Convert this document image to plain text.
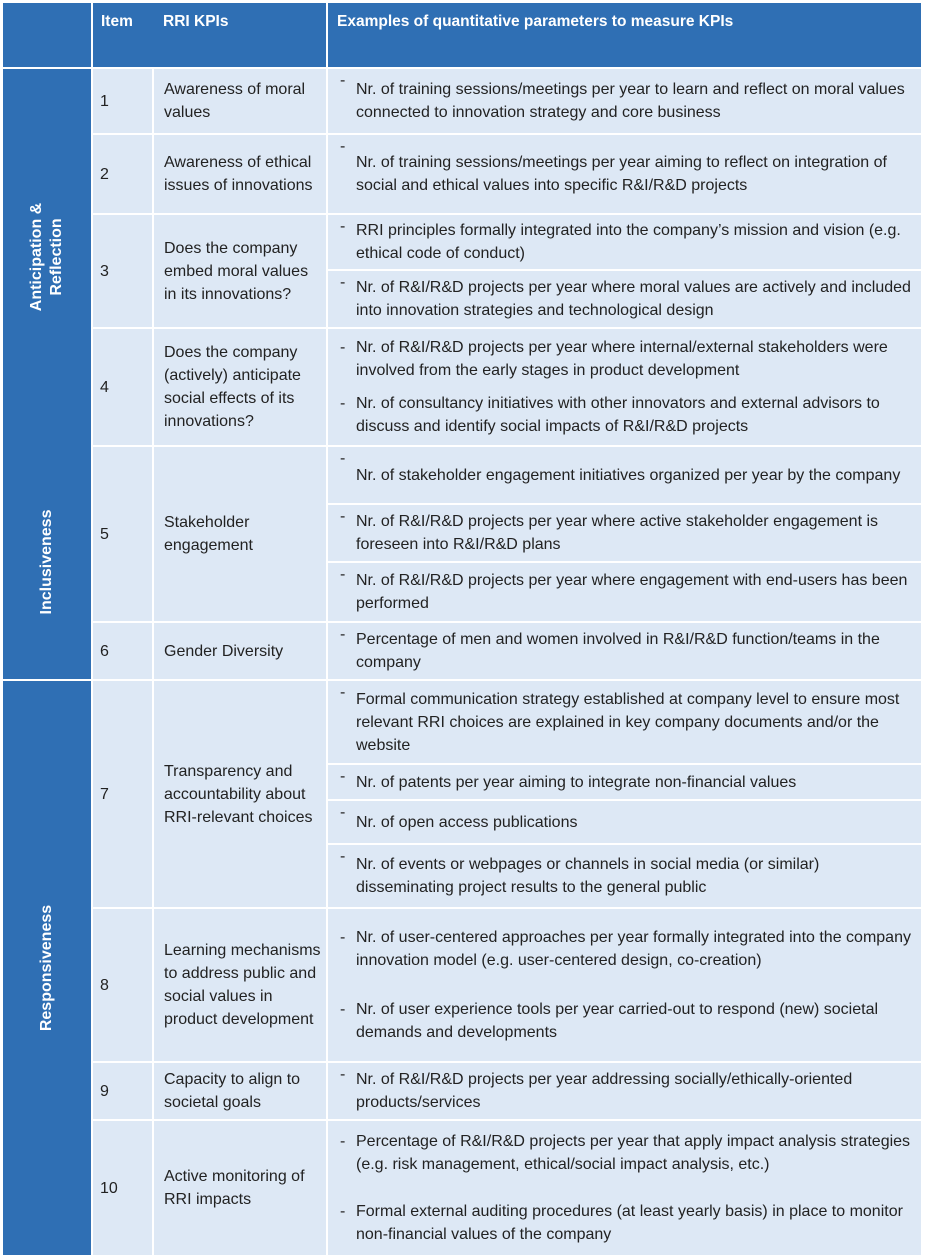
Item RRI KPIs	Examples of quantitative parameters to measure KPIs
Anticipation & Reflection
Inclusiveness
Responsiveness
1
2
3
4
5
6
7
8
9
10
Awareness of moral values
Awareness of ethical issues of innovations
Does the company embed moral values in its innovations?
Does the company (actively) anticipate social effects of its innovations?
Stakeholder engagement
Gender Diversity
Transparency and accountability about RRI-relevant choices
Learning mechanisms to address public and social values in product development
Capacity to align to societal goals
Active monitoring of RRI impacts
-
Nr. of training sessions/meetings per year to learn and reflect on moral values connected to innovation strategy and core business
-
Nr. of training sessions/meetings per year aiming to reflect on integration of social and ethical values into specific R&I/R&D projects
- RRI principles formally integrated into the company’s mission and vision (e.g. ethical code of conduct)
- Nr. of R&I/R&D projects per year where moral values are actively and included into innovation strategies and technological design
- Nr. of R&I/R&D projects per year where internal/external stakeholders were involved from the early stages in product development
- Nr. of consultancy initiatives with other innovators and external advisors to discuss and identify social impacts of R&I/R&D projects
-
Nr. of stakeholder engagement initiatives organized per year by the company
- Nr. of R&I/R&D projects per year where active stakeholder engagement is foreseen into R&I/R&D plans
- Nr. of R&I/R&D projects per year where engagement with end-users has been performed
- Percentage of men and women involved in R&I/R&D function/teams in the company
- Formal communication strategy established at company level to ensure most relevant RRI choices are explained in key company documents and/or the website
- Nr. of patents per year aiming to integrate non-financial values
-
Nr. of open access publications
- Nr. of events or webpages or channels in social media (or similar) disseminating project results to the general public
- Nr. of user-centered approaches per year formally integrated into the company innovation model (e.g. user-centered design, co-creation)
- Nr. of user experience tools per year carried-out to respond (new) societal demands and developments
- Nr. of R&I/R&D projects per year addressing socially/ethically-oriented products/services
- Percentage of R&I/R&D projects per year that apply impact analysis strategies (e.g. risk management, ethical/social impact analysis, etc.)
- Formal external auditing procedures (at least yearly basis) in place to monitor non-financial values of the company
